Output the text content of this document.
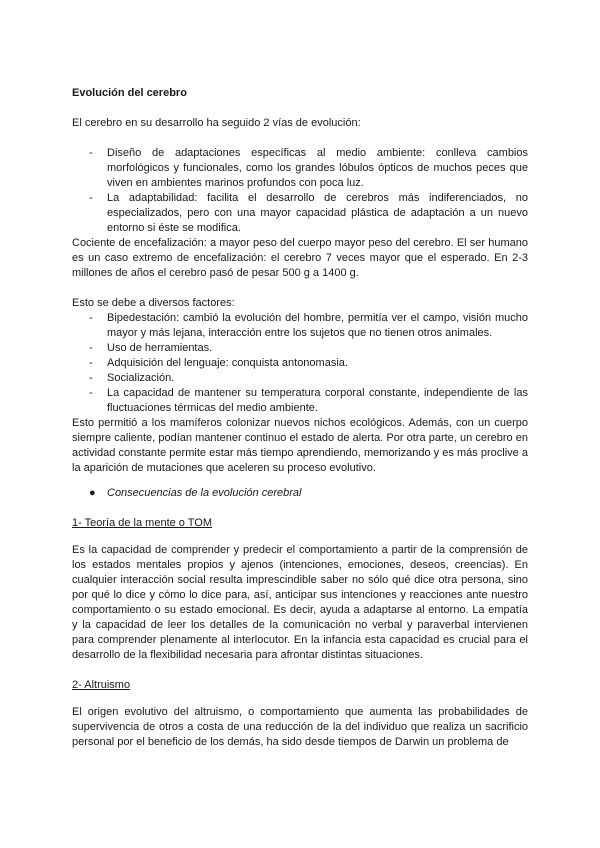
Evolución del cerebro

El cerebro en su desarrollo ha seguido 2 vías de evolución:

- Diseño de adaptaciones específicas al medio ambiente: conlleva cambios morfológicos y funcionales, como los grandes lóbulos ópticos de muchos peces que viven en ambientes marinos profundos con poca luz.
- La adaptabilidad: facilita el desarrollo de cerebros más indiferenciados, no especializados, pero con una mayor capacidad plástica de adaptación a un nuevo entorno si éste se modifica.

Cociente de encefalización: a mayor peso del cuerpo mayor peso del cerebro. El ser humano es un caso extremo de encefalización: el cerebro 7 veces mayor que el esperado. En 2-3 millones de años el cerebro pasó de pesar 500 g a 1400 g.

Esto se debe a diversos factores:

- Bipedestación: cambió la evolución del hombre, permitía ver el campo, visión mucho mayor y más lejana, interacción entre los sujetos que no tienen otros animales.
- Uso de herramientas.
- Adquisición del lenguaje: conquista antonomasia.
- Socialización.
- La capacidad de mantener su temperatura corporal constante, independiente de las fluctuaciones térmicas del medio ambiente.

Esto permitió a los mamíferos colonizar nuevos nichos ecológicos. Además, con un cuerpo siempre caliente, podían mantener continuo el estado de alerta. Por otra parte, un cerebro en actividad constante permite estar más tiempo aprendiendo, memorizando y es más proclive a la aparición de mutaciones que aceleren su proceso evolutivo.

● Consecuencias de la evolución cerebral

1- Teoría de la mente o TOM

Es la capacidad de comprender y predecir el comportamiento a partir de la comprensión de los estados mentales propios y ajenos (intenciones, emociones, deseos, creencias). En cualquier interacción social resulta imprescindible saber no sólo qué dice otra persona, sino por qué lo dice y cómo lo dice para, así, anticipar sus intenciones y reacciones ante nuestro comportamiento o su estado emocional. Es decir, ayuda a adaptarse al entorno. La empatía y la capacidad de leer los detalles de la comunicación no verbal y paraverbal intervienen para comprender plenamente al interlocutor. En la infancia esta capacidad es crucial para el desarrollo de la flexibilidad necesaria para afrontar distintas situaciones.

2- Altruismo

El origen evolutivo del altruismo, o comportamiento que aumenta las probabilidades de supervivencia de otros a costa de una reducción de la del individuo que realiza un sacrificio personal por el beneficio de los demás, ha sido desde tiempos de Darwin un problema de
